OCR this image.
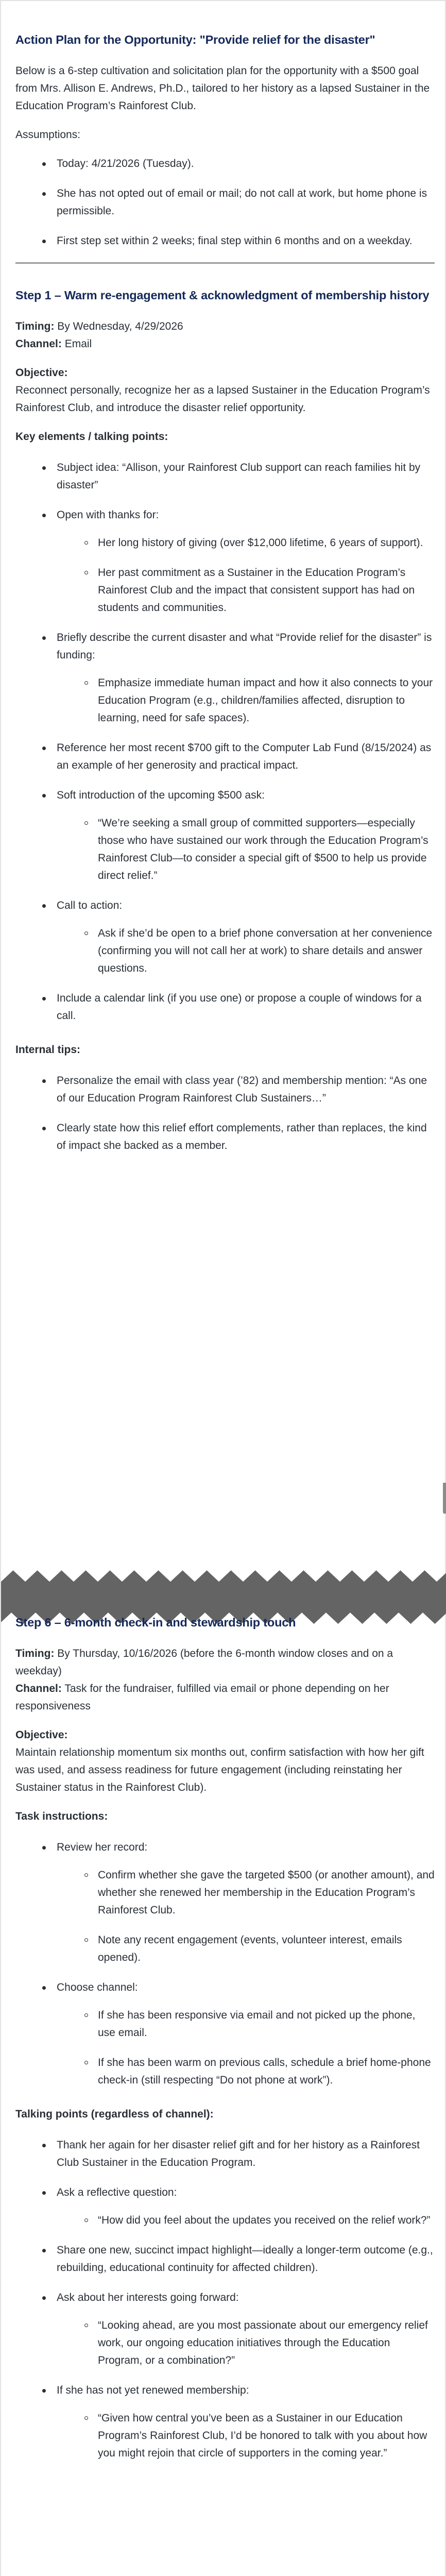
Action Plan for the Opportunity: "Provide relief for the disaster"

Below is a 6-step cultivation and solicitation plan for the opportunity with a $500 goal from Mrs. Allison E. Andrews, Ph.D., tailored to her history as a lapsed Sustainer in the Education Program’s Rainforest Club.

Assumptions:

Today: 4/21/2026 (Tuesday).
She has not opted out of email or mail; do not call at work, but home phone is permissible.
First step set within 2 weeks; final step within 6 months and on a weekday.
Step 1 – Warm re-engagement & acknowledgment of membership history

Timing: By Wednesday, 4/29/2026
Channel: Email

Objective:
Reconnect personally, recognize her as a lapsed Sustainer in the Education Program’s Rainforest Club, and introduce the disaster relief opportunity.

Key elements / talking points:

Subject idea: “Allison, your Rainforest Club support can reach families hit by disaster”
Open with thanks for:
Her long history of giving (over $12,000 lifetime, 6 years of support).
Her past commitment as a Sustainer in the Education Program’s Rainforest Club and the impact that consistent support has had on students and communities.
Briefly describe the current disaster and what “Provide relief for the disaster” is funding:
Emphasize immediate human impact and how it also connects to your Education Program (e.g., children/families affected, disruption to learning, need for safe spaces).
Reference her most recent $700 gift to the Computer Lab Fund (8/15/2024) as an example of her generosity and practical impact.
Soft introduction of the upcoming $500 ask:
“We’re seeking a small group of committed supporters—especially those who have sustained our work through the Education Program’s Rainforest Club—to consider a special gift of $500 to help us provide direct relief.”
Call to action:
Ask if she’d be open to a brief phone conversation at her convenience (confirming you will not call her at work) to share details and answer questions.
Include a calendar link (if you use one) or propose a couple of windows for a call.

Internal tips:

Personalize the email with class year (’82) and membership mention: “As one of our Education Program Rainforest Club Sustainers…”
Clearly state how this relief effort complements, rather than replaces, the kind of impact she backed as a member.
Step 6 – 6-month check-in and stewardship touch

Timing: By Thursday, 10/16/2026 (before the 6-month window closes and on a weekday)
Channel: Task for the fundraiser, fulfilled via email or phone depending on her responsiveness

Objective:
Maintain relationship momentum six months out, confirm satisfaction with how her gift was used, and assess readiness for future engagement (including reinstating her Sustainer status in the Rainforest Club).

Task instructions:

Review her record:
Confirm whether she gave the targeted $500 (or another amount), and whether she renewed her membership in the Education Program’s Rainforest Club.
Note any recent engagement (events, volunteer interest, emails opened).
Choose channel:
If she has been responsive via email and not picked up the phone, use email.
If she has been warm on previous calls, schedule a brief home-phone check-in (still respecting “Do not phone at work”).

Talking points (regardless of channel):

Thank her again for her disaster relief gift and for her history as a Rainforest Club Sustainer in the Education Program.
Ask a reflective question:
“How did you feel about the updates you received on the relief work?”
Share one new, succinct impact highlight—ideally a longer-term outcome (e.g., rebuilding, educational continuity for affected children).
Ask about her interests going forward:
“Looking ahead, are you most passionate about our emergency relief work, our ongoing education initiatives through the Education Program, or a combination?”
If she has not yet renewed membership:
“Given how central you’ve been as a Sustainer in our Education Program’s Rainforest Club, I’d be honored to talk with you about how you might rejoin that circle of supporters in the coming year.”
